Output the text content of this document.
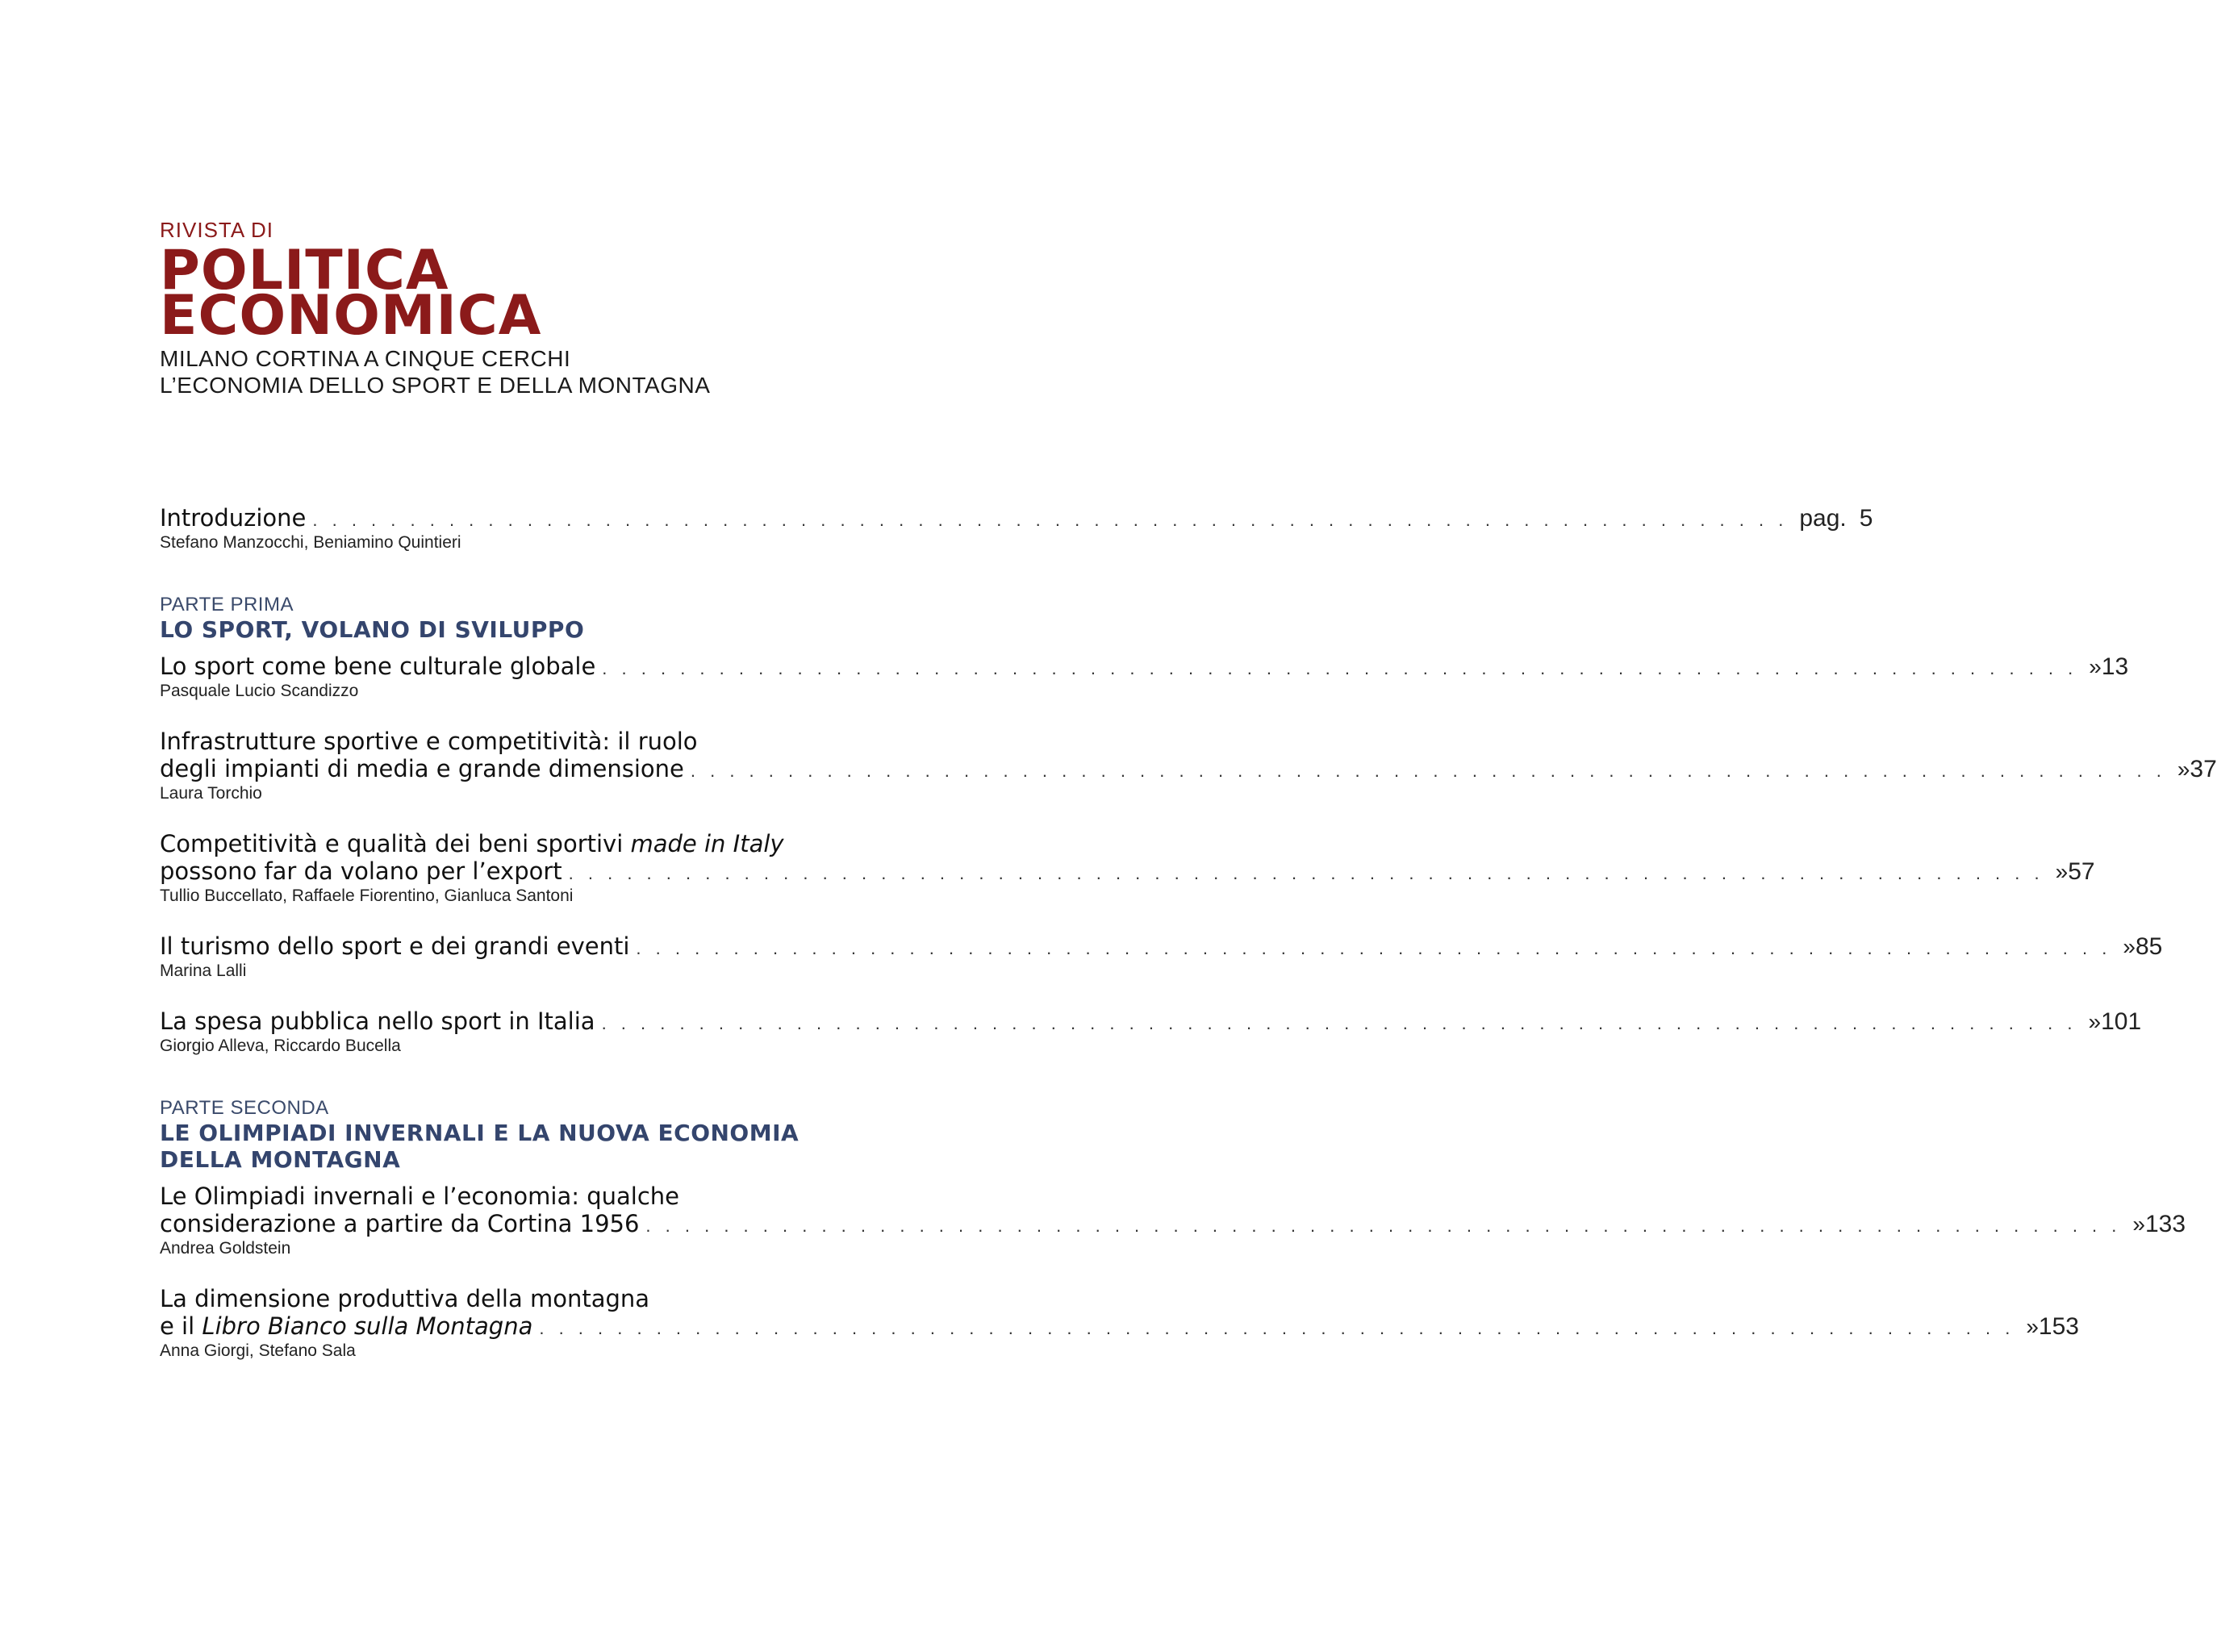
RIVISTA DI

POLITICA

ECONOMICA

MILANO CORTINA A CINQUE CERCHI

L’ECONOMIA DELLO SPORT E DELLA MONTAGNA

Introduzione . . . . . . . . . . . . . . . . . . . . . . . . . . . . . . . . . . . . . . . . . . . . . . . . . . . . . . . . . . . . . . . . . . . . . . . . . . . . pag. 5

Stefano Manzocchi, Beniamino Quintieri

PARTE PRIMA

LO SPORT, VOLANO DI SVILUPPO

Lo sport come bene culturale globale . . . . . . . . . . . . . . . . . . . . . . . . . . . . . . . . . . . . . . . . . . . . . . . . . . . . . . . . . . . . . . . . . . . . . . . . . . . . » 13

Pasquale Lucio Scandizzo

Infrastrutture sportive e competitività: il ruolo

degli impianti di media e grande dimensione . . . . . . . . . . . . . . . . . . . . . . . . . . . . . . . . . . . . . . . . . . . . . . . . . . . . . . . . . . . . . . . . . . . . . . . . . . . . » 37

Laura Torchio

Competitività e qualità dei beni sportivi made in Italy

possono far da volano per l’export . . . . . . . . . . . . . . . . . . . . . . . . . . . . . . . . . . . . . . . . . . . . . . . . . . . . . . . . . . . . . . . . . . . . . . . . . . . . » 57

Tullio Buccellato, Raffaele Fiorentino, Gianluca Santoni

Il turismo dello sport e dei grandi eventi . . . . . . . . . . . . . . . . . . . . . . . . . . . . . . . . . . . . . . . . . . . . . . . . . . . . . . . . . . . . . . . . . . . . . . . . . . . . » 85

Marina Lalli

La spesa pubblica nello sport in Italia . . . . . . . . . . . . . . . . . . . . . . . . . . . . . . . . . . . . . . . . . . . . . . . . . . . . . . . . . . . . . . . . . . . . . . . . . . . . » 101

Giorgio Alleva, Riccardo Bucella

PARTE SECONDA

LE OLIMPIADI INVERNALI E LA NUOVA ECONOMIA

DELLA MONTAGNA

Le Olimpiadi invernali e l’economia: qualche

considerazione a partire da Cortina 1956 . . . . . . . . . . . . . . . . . . . . . . . . . . . . . . . . . . . . . . . . . . . . . . . . . . . . . . . . . . . . . . . . . . . . . . . . . . . . » 133

Andrea Goldstein

La dimensione produttiva della montagna

e il Libro Bianco sulla Montagna . . . . . . . . . . . . . . . . . . . . . . . . . . . . . . . . . . . . . . . . . . . . . . . . . . . . . . . . . . . . . . . . . . . . . . . . . . . . » 153

Anna Giorgi, Stefano Sala
